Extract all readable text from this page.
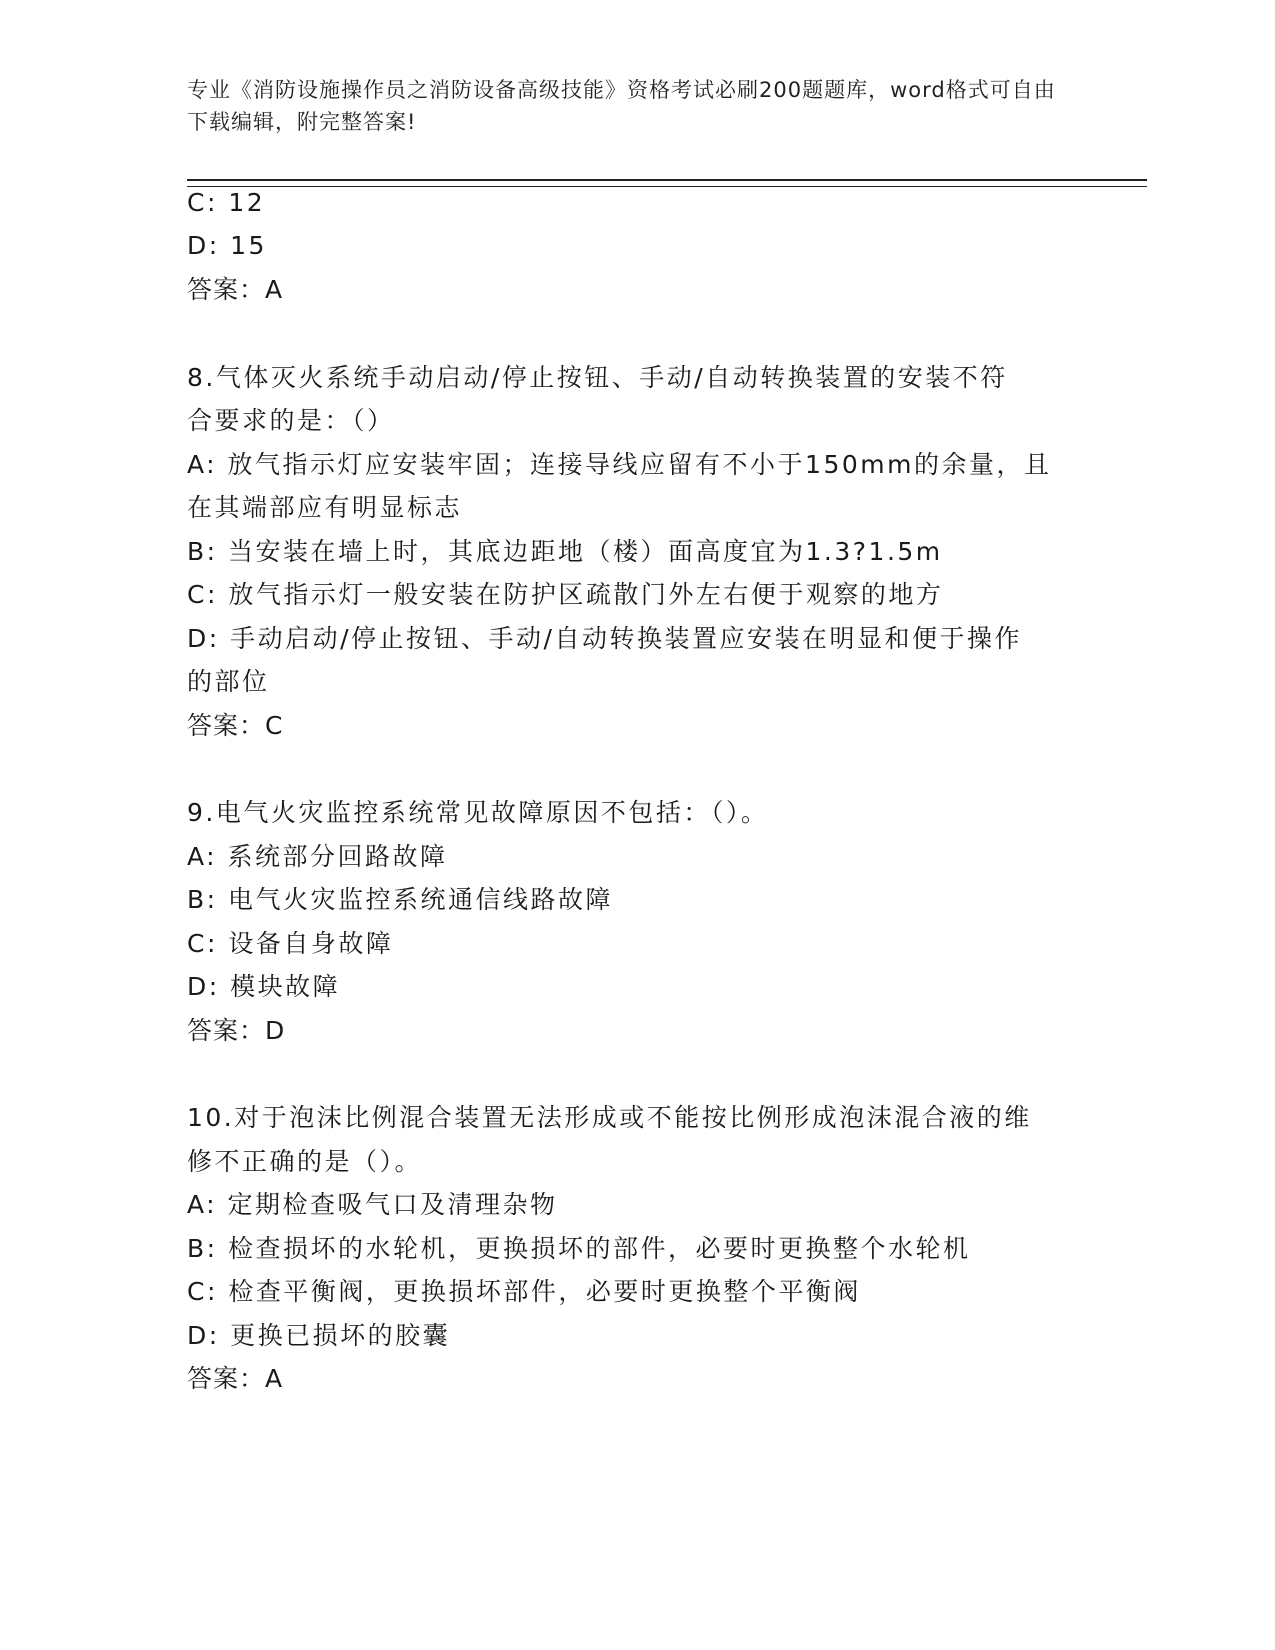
专业《消防设施操作员之消防设备高级技能》资格考试必刷200题题库，word格式可自由下载编辑，附完整答案!
C: 12
D: 15
答案：A
8.气体灭火系统手动启动/停止按钮、手动/自动转换装置的安装不符
合要求的是：（）
A: 放气指示灯应安装牢固；连接导线应留有不小于150mm的余量，且
在其端部应有明显标志
B: 当安装在墙上时，其底边距地（楼）面高度宜为1.3?1.5m
C: 放气指示灯一般安装在防护区疏散门外左右便于观察的地方
D: 手动启动/停止按钮、手动/自动转换装置应安装在明显和便于操作
的部位
答案：C
9.电气火灾监控系统常见故障原因不包括：（）。
A: 系统部分回路故障
B: 电气火灾监控系统通信线路故障
C: 设备自身故障
D: 模块故障
答案：D
10.对于泡沫比例混合装置无法形成或不能按比例形成泡沫混合液的维
修不正确的是（）。
A: 定期检查吸气口及清理杂物
B: 检查损坏的水轮机，更换损坏的部件，必要时更换整个水轮机
C: 检查平衡阀，更换损坏部件，必要时更换整个平衡阀
D: 更换已损坏的胶囊
答案：A
